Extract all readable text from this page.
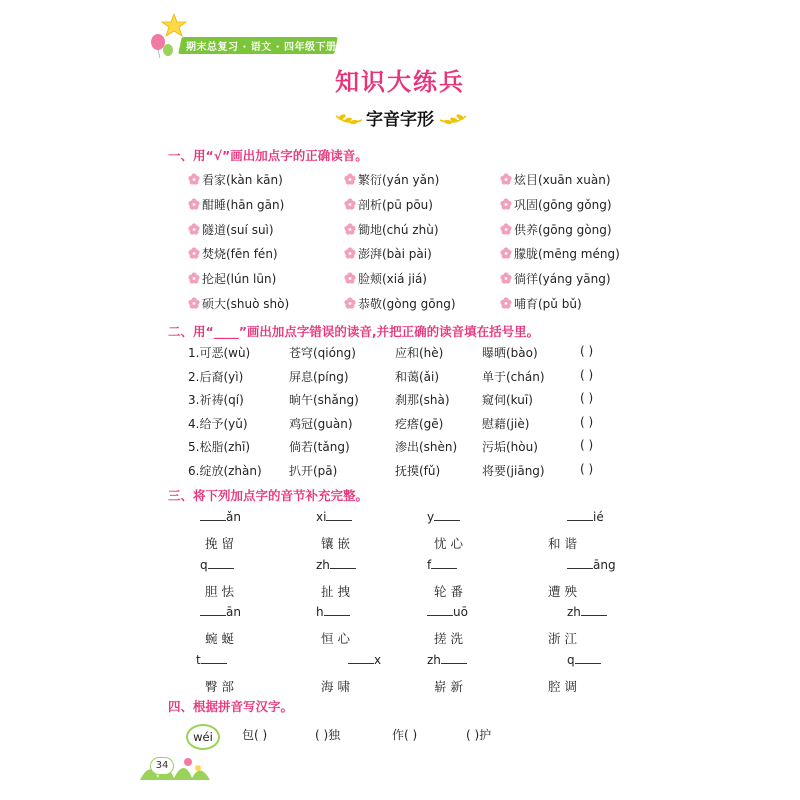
期末总复习 · 语文 · 四年级下册
知识大练兵
字音字形
一、用“√”画出加点字的正确读音。
看家(kàn kān)	繁衍(yán yǎn)	炫目(xuān xuàn)
酣睡(hān gān)	剖析(pū pōu)	巩固(gōng gǒng)
隧道(suí suì)	锄地(chú zhù)	供养(gōng gòng)
焚烧(fēn fén)	澎湃(bài pài)	朦胧(mēng méng)
抡起(lún lūn)	脸颊(xiá jiá)	徜徉(yáng yāng)
硕大(shuò shò)	恭敬(gòng gōng)	哺育(pǔ bǔ)
二、用“____”画出加点字错误的读音,并把正确的读音填在括号里。
1.可恶(wù)	苍穹(qióng)	应和(hè)	曝晒(bào)	( )
2.后裔(yì)	屏息(píng)	和蔼(ǎi)	单于(chán)	( )
3.祈祷(qí)	晌午(shǎng)	刹那(shà)	窥伺(kuī)	( )
4.给予(yǔ)	鸡冠(guàn)	疙瘩(gē)	慰藉(jiè)	( )
5.松脂(zhī)	倘若(tǎng)	渗出(shèn) 污垢(hòu)	( )
6.绽放(zhàn) 扒开(pā)	抚摸(fǔ)	将要(jiāng)	( )
三、将下列加点字的音节补充完整。
ǎn	xi	y	ié
挽 留	镶 嵌	忧 心	和 谐
q	zh	f	āng
胆 怯	扯 拽	轮 番	遭 殃
ān	h	uō	zh
蜿 蜒	恒 心	搓 洗	浙 江
t	x	zh	q
臀 部	海 啸	崭 新	腔 调
四、根据拼音写汉字。
wéi	包( )	( )独	作( )	( )护
34
